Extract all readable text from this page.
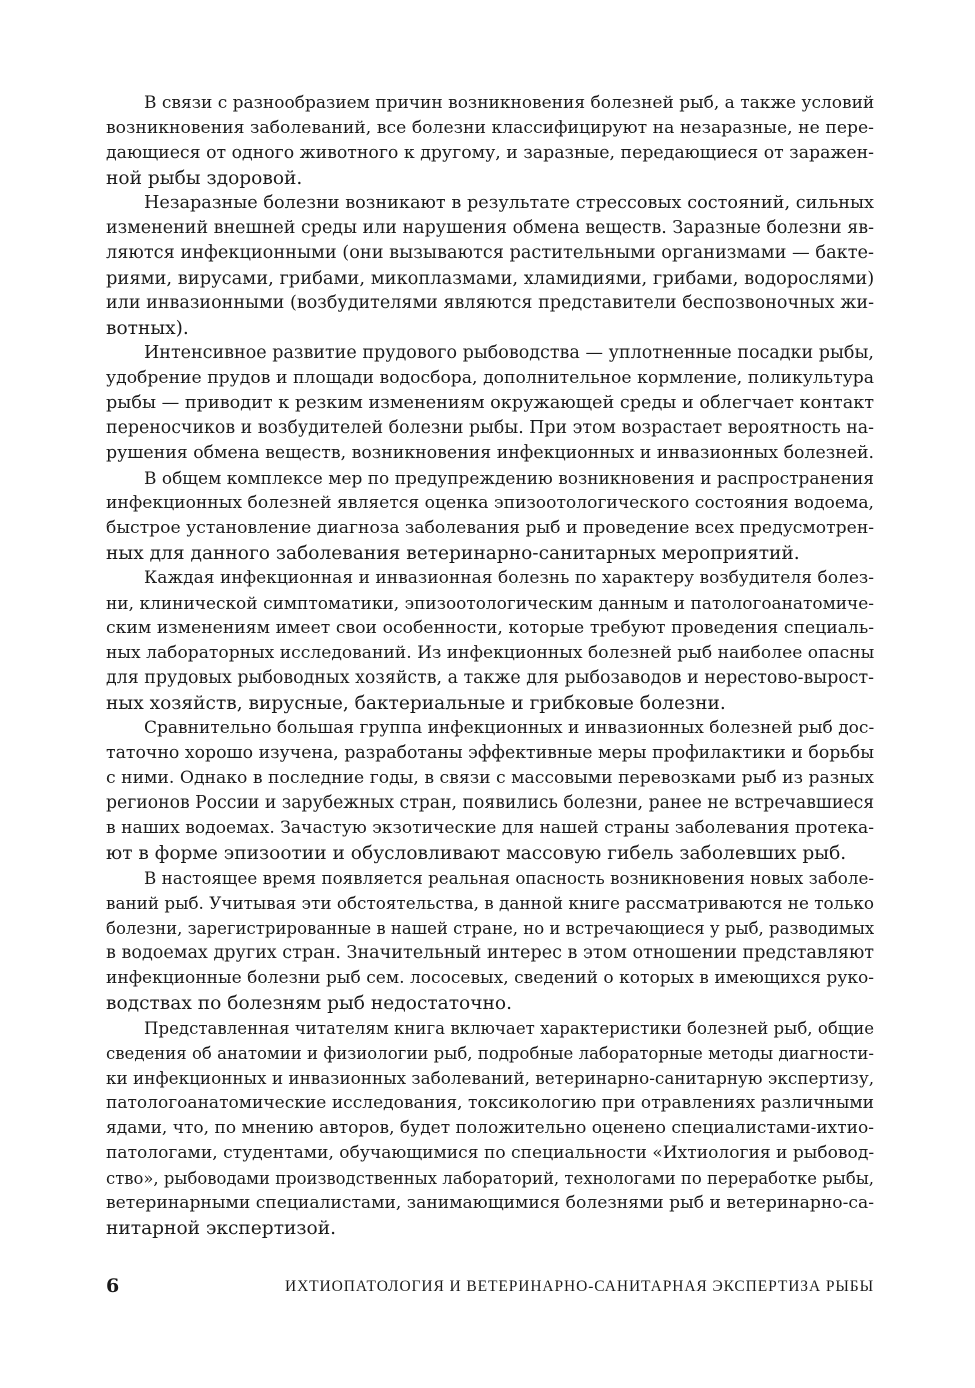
В связи с разнообразием причин возникновения болезней рыб, а также условий
возникновения заболеваний, все болезни классифицируют на незаразные, не пере-
дающиеся от одного животного к другому, и заразные, передающиеся от заражен-
ной рыбы здоровой.

Незаразные болезни возникают в результате стрессовых состояний, сильных
изменений внешней среды или нарушения обмена веществ. Заразные болезни яв-
ляются инфекционными (они вызываются растительными организмами — бакте-
риями, вирусами, грибами, микоплазмами, хламидиями, грибами, водорослями)
или инвазионными (возбудителями являются представители беспозвоночных жи-
вотных).

Интенсивное развитие прудового рыбоводства — уплотненные посадки рыбы,
удобрение прудов и площади водосбора, дополнительное кормление, поликультура
рыбы — приводит к резким изменениям окружающей среды и облегчает контакт
переносчиков и возбудителей болезни рыбы. При этом возрастает вероятность на-
рушения обмена веществ, возникновения инфекционных и инвазионных болезней.

В общем комплексе мер по предупреждению возникновения и распространения
инфекционных болезней является оценка эпизоотологического состояния водоема,
быстрое установление диагноза заболевания рыб и проведение всех предусмотрен-
ных для данного заболевания ветеринарно-санитарных мероприятий.

Каждая инфекционная и инвазионная болезнь по характеру возбудителя болез-
ни, клинической симптоматики, эпизоотологическим данным и патологоанатомиче-
ским изменениям имеет свои особенности, которые требуют проведения специаль-
ных лабораторных исследований. Из инфекционных болезней рыб наиболее опасны
для прудовых рыбоводных хозяйств, а также для рыбозаводов и нерестово-вырост-
ных хозяйств, вирусные, бактериальные и грибковые болезни.

Сравнительно большая группа инфекционных и инвазионных болезней рыб дос-
таточно хорошо изучена, разработаны эффективные меры профилактики и борьбы
с ними. Однако в последние годы, в связи с массовыми перевозками рыб из разных
регионов России и зарубежных стран, появились болезни, ранее не встречавшиеся
в наших водоемах. Зачастую экзотические для нашей страны заболевания протека-
ют в форме эпизоотии и обусловливают массовую гибель заболевших рыб.

В настоящее время появляется реальная опасность возникновения новых заболе-
ваний рыб. Учитывая эти обстоятельства, в данной книге рассматриваются не только
болезни, зарегистрированные в нашей стране, но и встречающиеся у рыб, разводимых
в водоемах других стран. Значительный интерес в этом отношении представляют
инфекционные болезни рыб сем. лососевых, сведений о которых в имеющихся руко-
водствах по болезням рыб недостаточно.

Представленная читателям книга включает характеристики болезней рыб, общие
сведения об анатомии и физиологии рыб, подробные лабораторные методы диагности-
ки инфекционных и инвазионных заболеваний, ветеринарно-санитарную экспертизу,
патологоанатомические исследования, токсикологию при отравлениях различными
ядами, что, по мнению авторов, будет положительно оценено специалистами-ихтио-
патологами, студентами, обучающимися по специальности «Ихтиология и рыбовод-
ство», рыбоводами производственных лабораторий, технологами по переработке рыбы,
ветеринарными специалистами, занимающимися болезнями рыб и ветеринарно-са-
нитарной экспертизой.

6	ИХТИОПАТОЛОГИЯ И ВЕТЕРИНАРНО-САНИТАРНАЯ ЭКСПЕРТИЗА РЫБЫ
